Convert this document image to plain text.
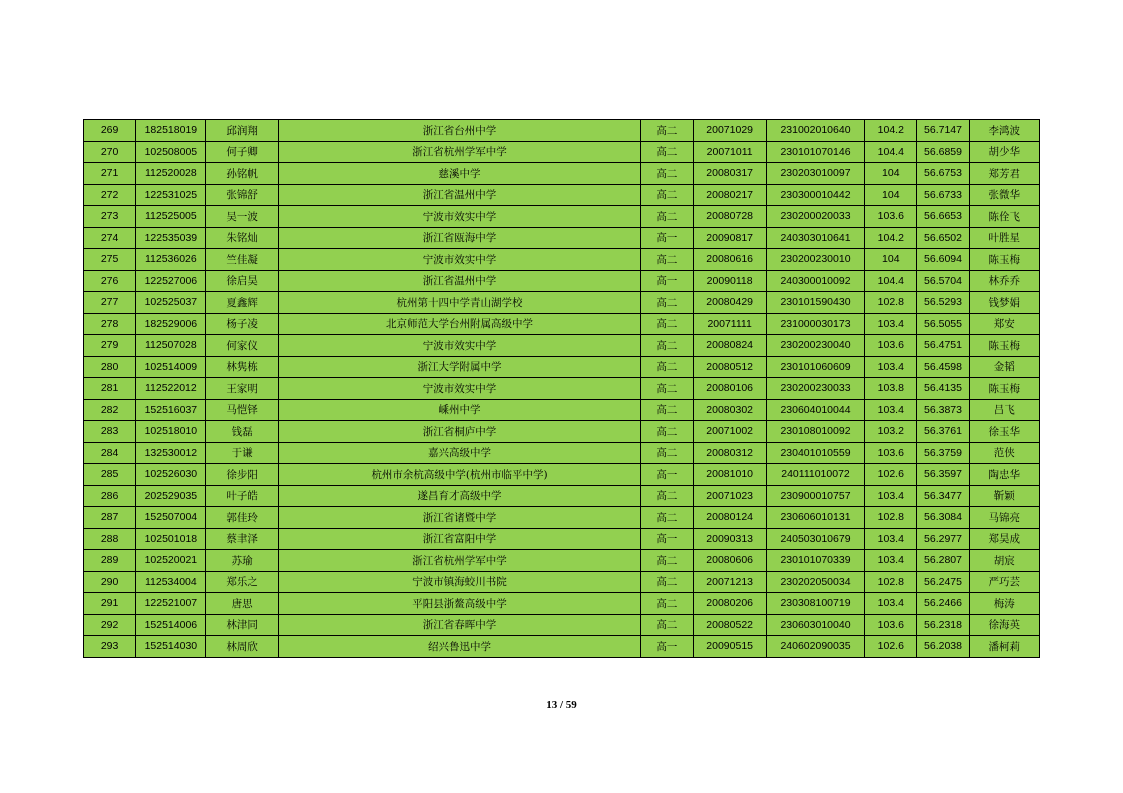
269	182518019	邱润翔	浙江省台州中学	高二	20071029	231002010640	104.2	56.7147	李鸿波
270	102508005	何子卿	浙江省杭州学军中学	高二	20071011	230101070146	104.4	56.6859	胡少华
271	112520028	孙铭帆	慈溪中学	高二	20080317	230203010097	104	56.6753	郑芳君
272	122531025	张锦舒	浙江省温州中学	高二	20080217	230300010442	104	56.6733	张微华
273	112525005	吴一波	宁波市效实中学	高二	20080728	230200020033	103.6	56.6653	陈佺飞
274	122535039	朱铭灿	浙江省瓯海中学	高一	20090817	240303010641	104.2	56.6502	叶胜星
275	112536026	竺佳凝	宁波市效实中学	高二	20080616	230200230010	104	56.6094	陈玉梅
276	122527006	徐启昊	浙江省温州中学	高一	20090118	240300010092	104.4	56.5704	林乔乔
277	102525037	夏鑫辉	杭州第十四中学青山湖学校	高二	20080429	230101590430	102.8	56.5293	钱梦娟
278	182529006	杨子凌	北京师范大学台州附属高级中学	高二	20071111	231000030173	103.4	56.5055	郑安
279	112507028	何家仪	宁波市效实中学	高二	20080824	230200230040	103.6	56.4751	陈玉梅
280	102514009	林隽栋	浙江大学附属中学	高二	20080512	230101060609	103.4	56.4598	金韬
281	112522012	王家明	宁波市效实中学	高二	20080106	230200230033	103.8	56.4135	陈玉梅
282	152516037	马恺铎	嵊州中学	高二	20080302	230604010044	103.4	56.3873	吕飞
283	102518010	钱磊	浙江省桐庐中学	高二	20071002	230108010092	103.2	56.3761	徐玉华
284	132530012	于谦	嘉兴高级中学	高二	20080312	230401010559	103.6	56.3759	范侠
285	102526030	徐步阳	杭州市余杭高级中学(杭州市临平中学)	高一	20081010	240111010072	102.6	56.3597	陶忠华
286	202529035	叶子皓	遂昌育才高级中学	高二	20071023	230900010757	103.4	56.3477	靳颖
287	152507004	郭佳玲	浙江省诸暨中学	高二	20080124	230606010131	102.8	56.3084	马锦亮
288	102501018	蔡聿泽	浙江省富阳中学	高一	20090313	240503010679	103.4	56.2977	郑昊成
289	102520021	苏瑜	浙江省杭州学军中学	高二	20080606	230101070339	103.4	56.2807	胡宸
290	112534004	郑乐之	宁波市镇海蛟川书院	高二	20071213	230202050034	102.8	56.2475	严巧芸
291	122521007	唐思	平阳县浙鳌高级中学	高二	20080206	230308100719	103.4	56.2466	梅涛
292	152514006	林津同	浙江省春晖中学	高二	20080522	230603010040	103.6	56.2318	徐海英
293	152514030	林周欣	绍兴鲁迅中学	高一	20090515	240602090035	102.6	56.2038	潘柯莉
13 / 59
